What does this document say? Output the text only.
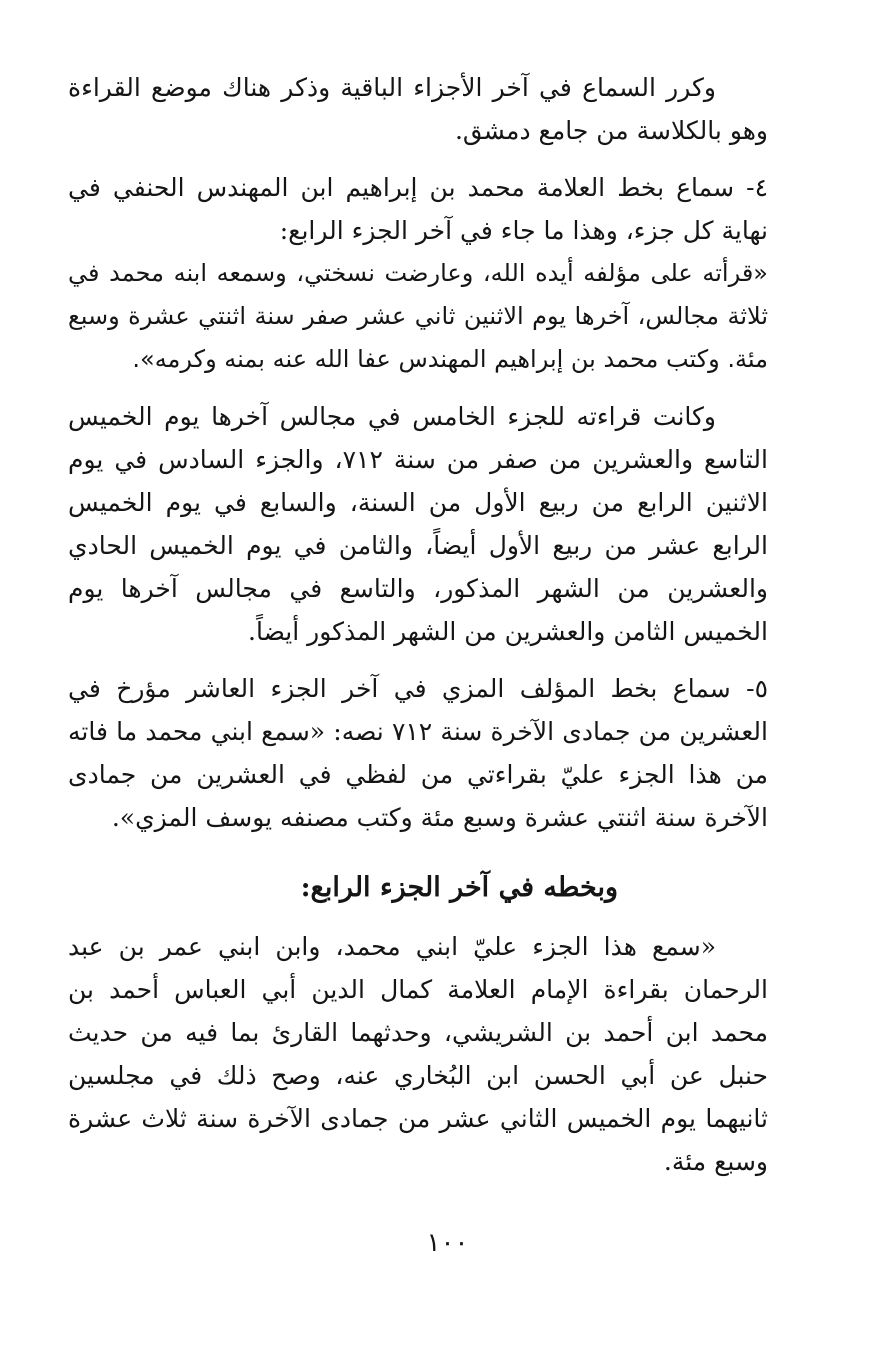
وكرر السماع في آخر الأجزاء الباقية وذكر هناك موضع القراءة وهو بالكلاسة من جامع دمشق.

٤- سماع بخط العلامة محمد بن إبراهيم ابن المهندس الحنفي في نهاية كل جزء، وهذا ما جاء في آخر الجزء الرابع:

«قرأته على مؤلفه أيده الله، وعارضت نسختي، وسمعه ابنه محمد في ثلاثة مجالس، آخرها يوم الاثنين ثاني عشر صفر سنة اثنتي عشرة وسبع مئة. وكتب محمد بن إبراهيم المهندس عفا الله عنه بمنه وكرمه».

وكانت قراءته للجزء الخامس في مجالس آخرها يوم الخميس التاسع والعشرين من صفر من سنة ٧١٢، والجزء السادس في يوم الاثنين الرابع من ربيع الأول من السنة، والسابع في يوم الخميس الرابع عشر من ربيع الأول أيضاً، والثامن في يوم الخميس الحادي والعشرين من الشهر المذكور، والتاسع في مجالس آخرها يوم الخميس الثامن والعشرين من الشهر المذكور أيضاً.

٥- سماع بخط المؤلف المزي في آخر الجزء العاشر مؤرخ في العشرين من جمادى الآخرة سنة ٧١٢ نصه: «سمع ابني محمد ما فاته من هذا الجزء عليّ بقراءتي من لفظي في العشرين من جمادى الآخرة سنة اثنتي عشرة وسبع مئة وكتب مصنفه يوسف المزي».

وبخطه في آخر الجزء الرابع:

«سمع هذا الجزء عليّ ابني محمد، وابن ابني عمر بن عبد الرحمان بقراءة الإمام العلامة كمال الدين أبي العباس أحمد بن محمد ابن أحمد بن الشريشي، وحدثهما القارئ بما فيه من حديث حنبل عن أبي الحسن ابن البُخاري عنه، وصح ذلك في مجلسين ثانيهما يوم الخميس الثاني عشر من جمادى الآخرة سنة ثلاث عشرة وسبع مئة.

١٠٠
